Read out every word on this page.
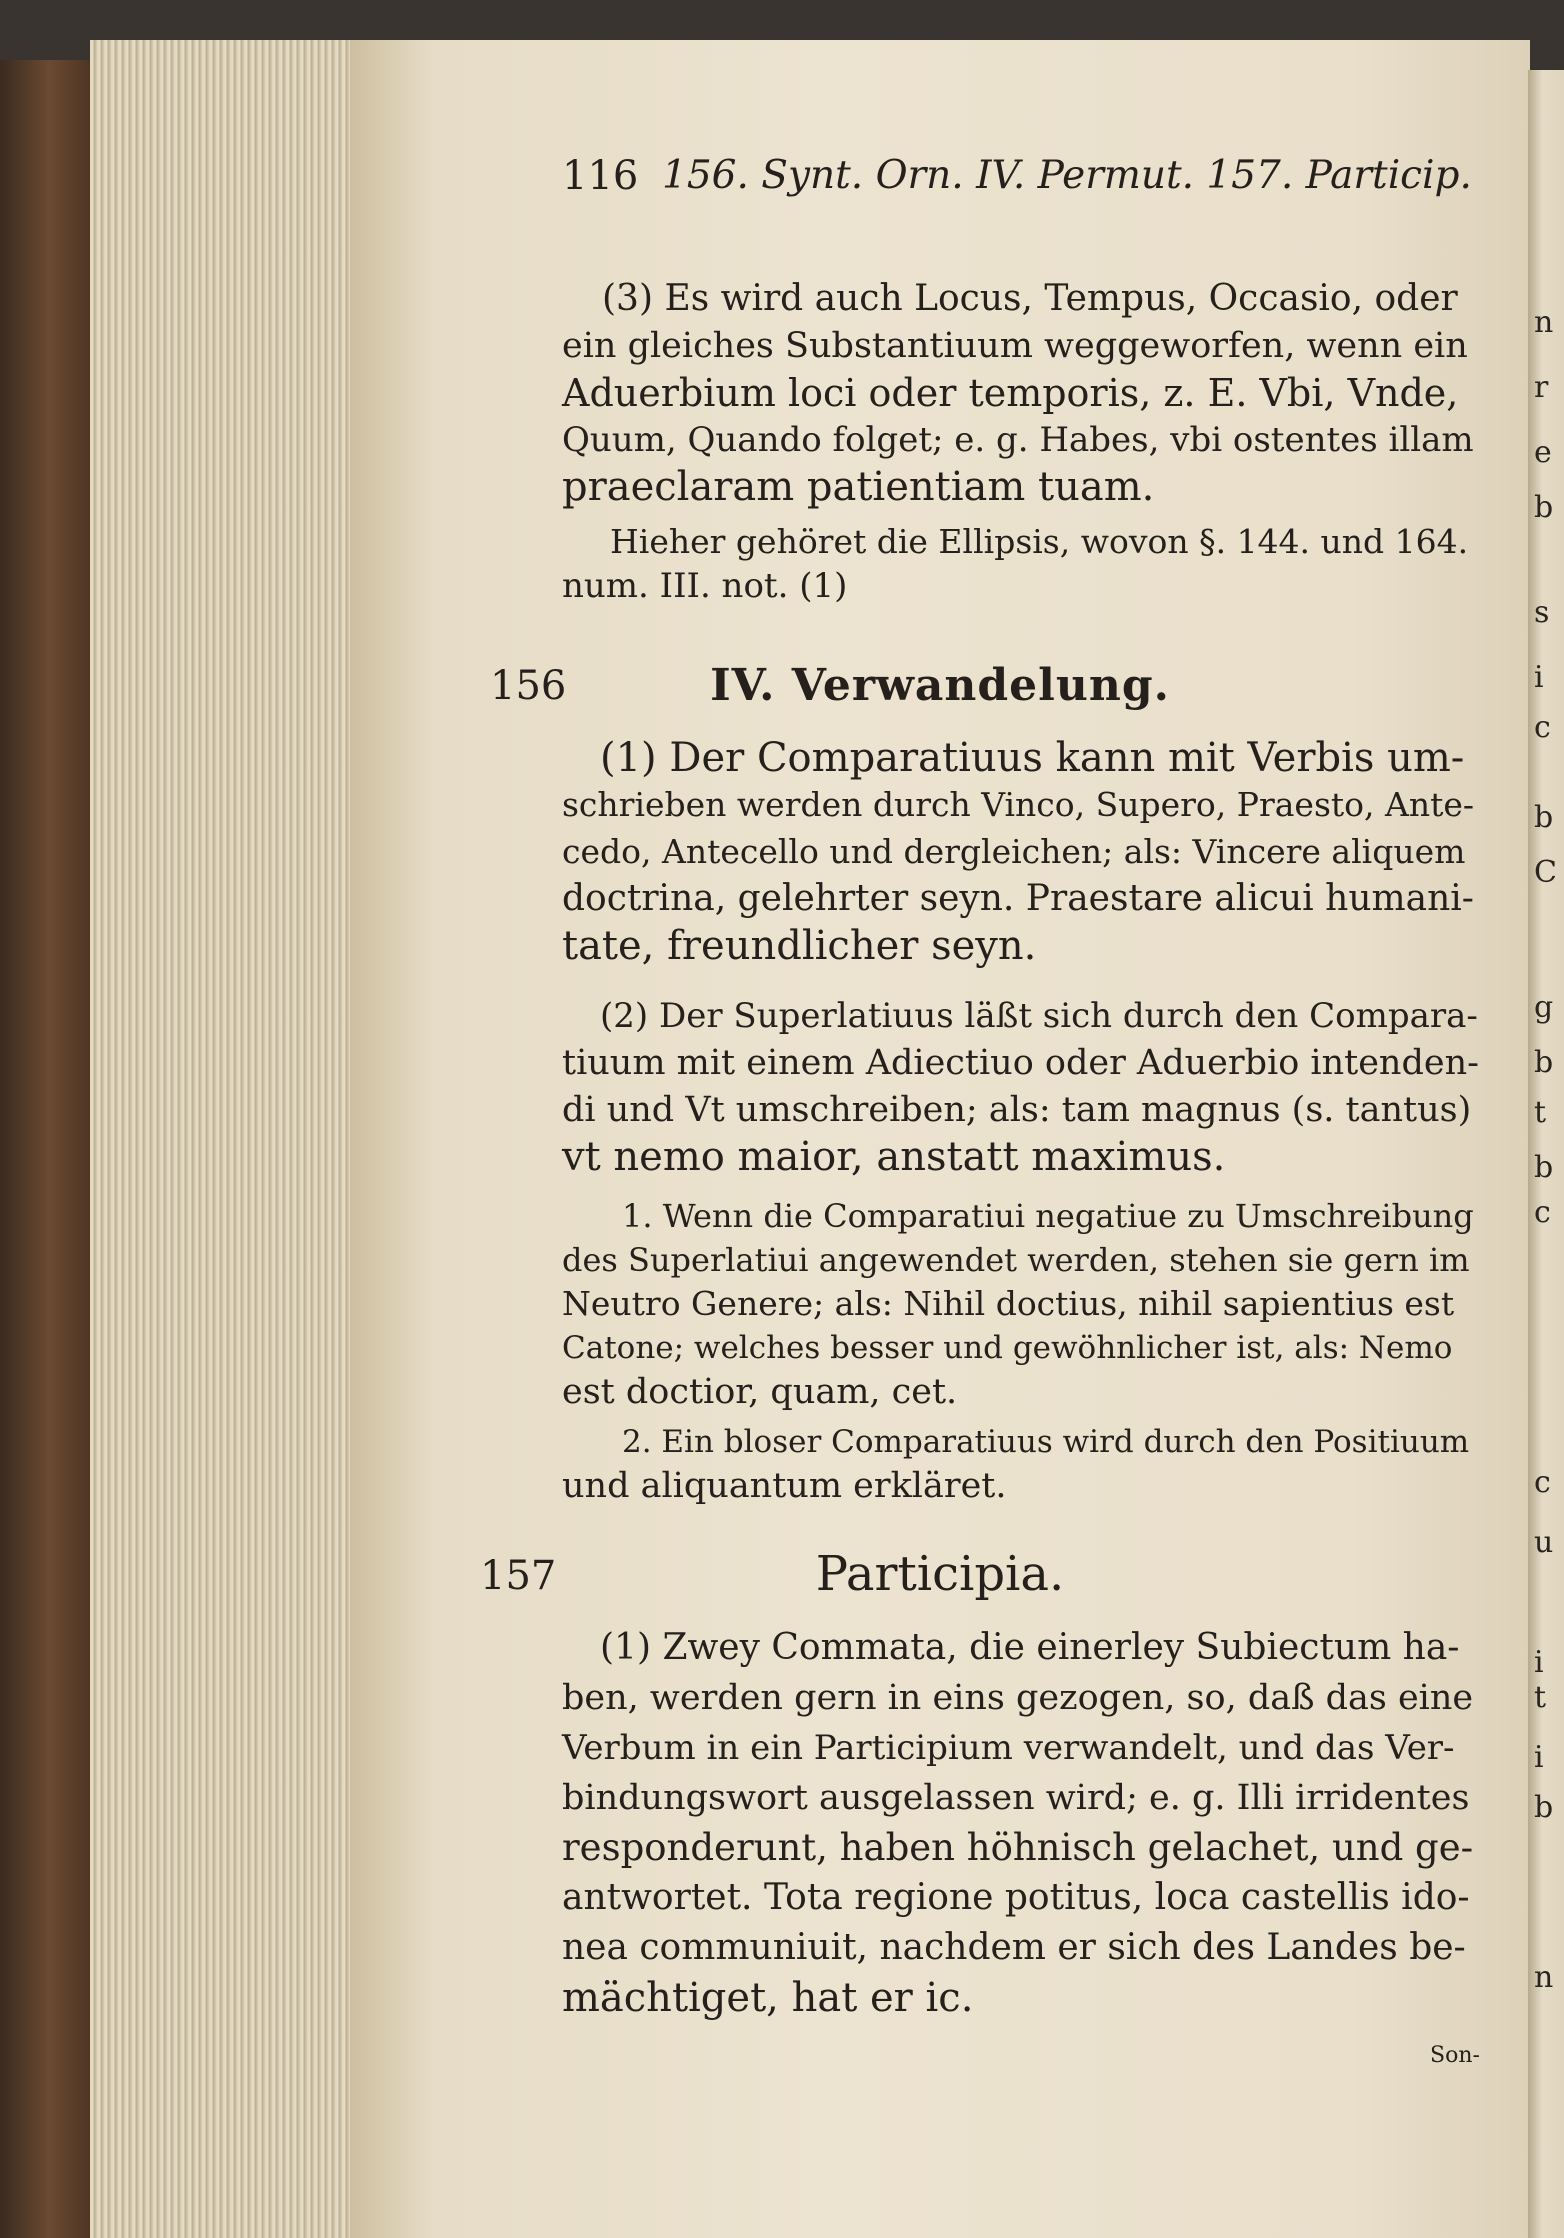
116 156. Synt. Orn. IV. Permut. 157. Particip.
(3) Es wird auch Locus, Tempus, Occasio, oder
ein gleiches Substantiuum weggeworfen, wenn ein
Aduerbium loci oder temporis, z. E. Vbi, Vnde,
Quum, Quando folget; e. g. Habes, vbi ostentes illam
praeclaram patientiam tuam.
Hieher gehöret die Ellipsis, wovon §. 144. und 164.
num. III. not. (1)
156	IV. Verwandelung.
(1) Der Comparatiuus kann mit Verbis um-
schrieben werden durch Vinco, Supero, Praesto, Ante-
cedo, Antecello und dergleichen; als: Vincere aliquem
doctrina, gelehrter seyn. Praestare alicui humani-
tate, freundlicher seyn.
(2) Der Superlatiuus läßt sich durch den Compara-
tiuum mit einem Adiectiuo oder Aduerbio intenden-
di und Vt umschreiben; als: tam magnus (s. tantus)
vt nemo maior, anstatt maximus.
1. Wenn die Comparatiui negatiue zu Umschreibung
des Superlatiui angewendet werden, stehen sie gern im
Neutro Genere; als: Nihil doctius, nihil sapientius est
Catone; welches besser und gewöhnlicher ist, als: Nemo
est doctior, quam, cet.
2. Ein bloser Comparatiuus wird durch den Positiuum
und aliquantum erkläret.
157	Participia.
(1) Zwey Commata, die einerley Subiectum ha-
ben, werden gern in eins gezogen, so, daß das eine
Verbum in ein Participium verwandelt, und das Ver-
bindungswort ausgelassen wird; e. g. Illi irridentes
responderunt, haben höhnisch gelachet, und ge-
antwortet. Tota regione potitus, loca castellis ido-
nea communiuit, nachdem er sich des Landes be-
mächtiget, hat er ic.
Son-
n
r
e
b
s
i
c
b
C
g
b
t
b
c
c
u
i
t
i
b
n
